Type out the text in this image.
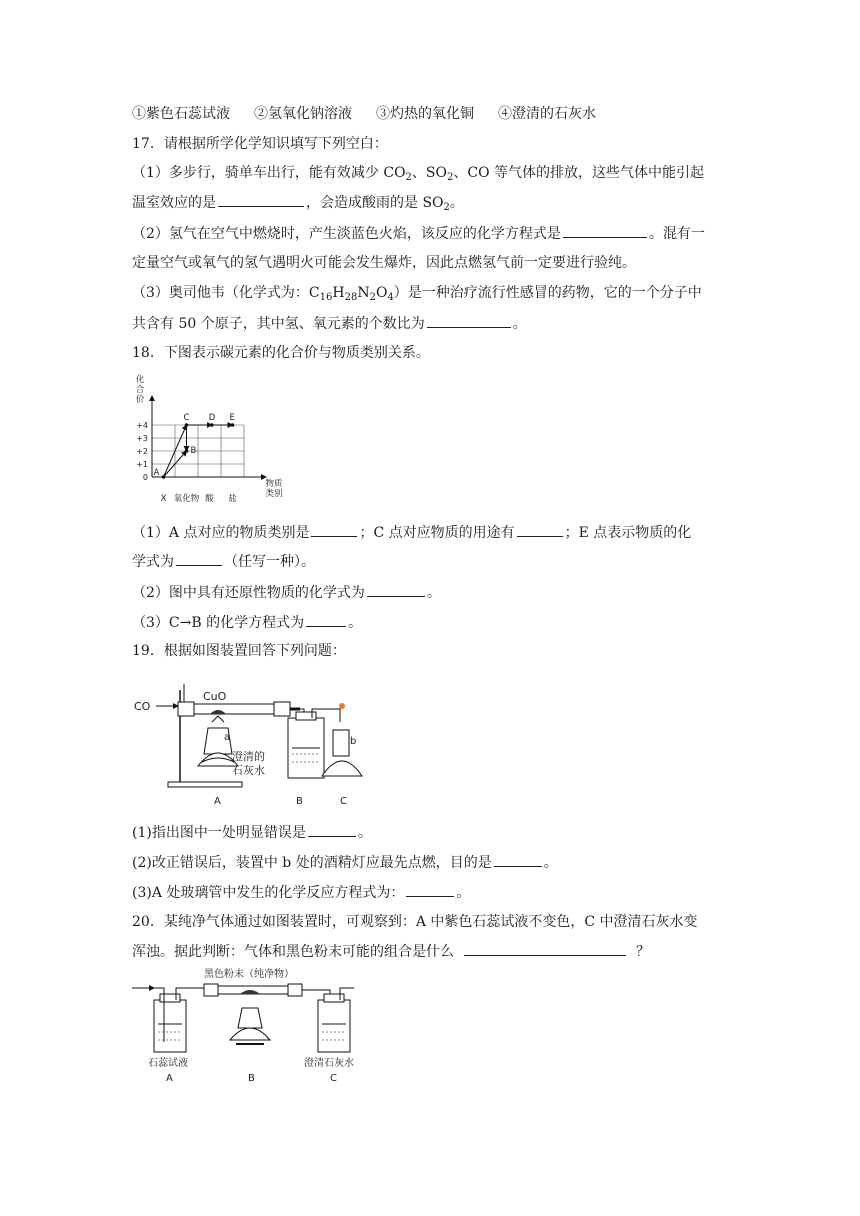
①紫色石蕊试液 ②氢氧化钠溶液 ③灼热的氧化铜 ④澄清的石灰水
17．请根据所学化学知识填写下列空白：
（1）多步行，骑单车出行，能有效减少 $CO_2$、$SO_2$、CO 等气体的排放，这些气体中能引起
温室效应的是	，会造成酸雨的是 $SO_2$。
（2）氢气在空气中燃烧时，产生淡蓝色火焰，该反应的化学方程式是	。混有一
定量空气或氧气的氢气遇明火可能会发生爆炸，因此点燃氢气前一定要进行验纯。
（3）奥司他韦（化学式为：$C_{16}H_{28}N_2O_4$）是一种治疗流行性感冒的药物，它的一个分子中
共含有 50 个原子，其中氢、氧元素的个数比为	。
18．下图表示碳元素的化合价与物质类别关系。
化
合
价
0
+1
+2
+3
+4
X 氧化物 酸 盐
A
B
C D E
物质
类别
（1）A 点对应的物质类别是	；C 点对应物质的用途有	；E 点表示物质的化
学式为	（任写一种）。
（2）图中具有还原性物质的化学式为	。
（3）C→B 的化学方程式为	。
19．根据如图装置回答下列问题：
CO
CuO
a	b
澄清的
石灰水
A	B	C
(1)指出图中一处明显错误是	。
(2)改正错误后，装置中 b 处的酒精灯应最先点燃，目的是	。
(3)A 处玻璃管中发生的化学反应方程式为：	。
20．某纯净气体通过如图装置时，可观察到：A 中紫色石蕊试液不变色，C 中澄清石灰水变
浑浊。据此判断：气体和黑色粉末可能的组合是什么	？
黑色粉末（纯净物）
石蕊试液	澄清石灰水
A	B	C
